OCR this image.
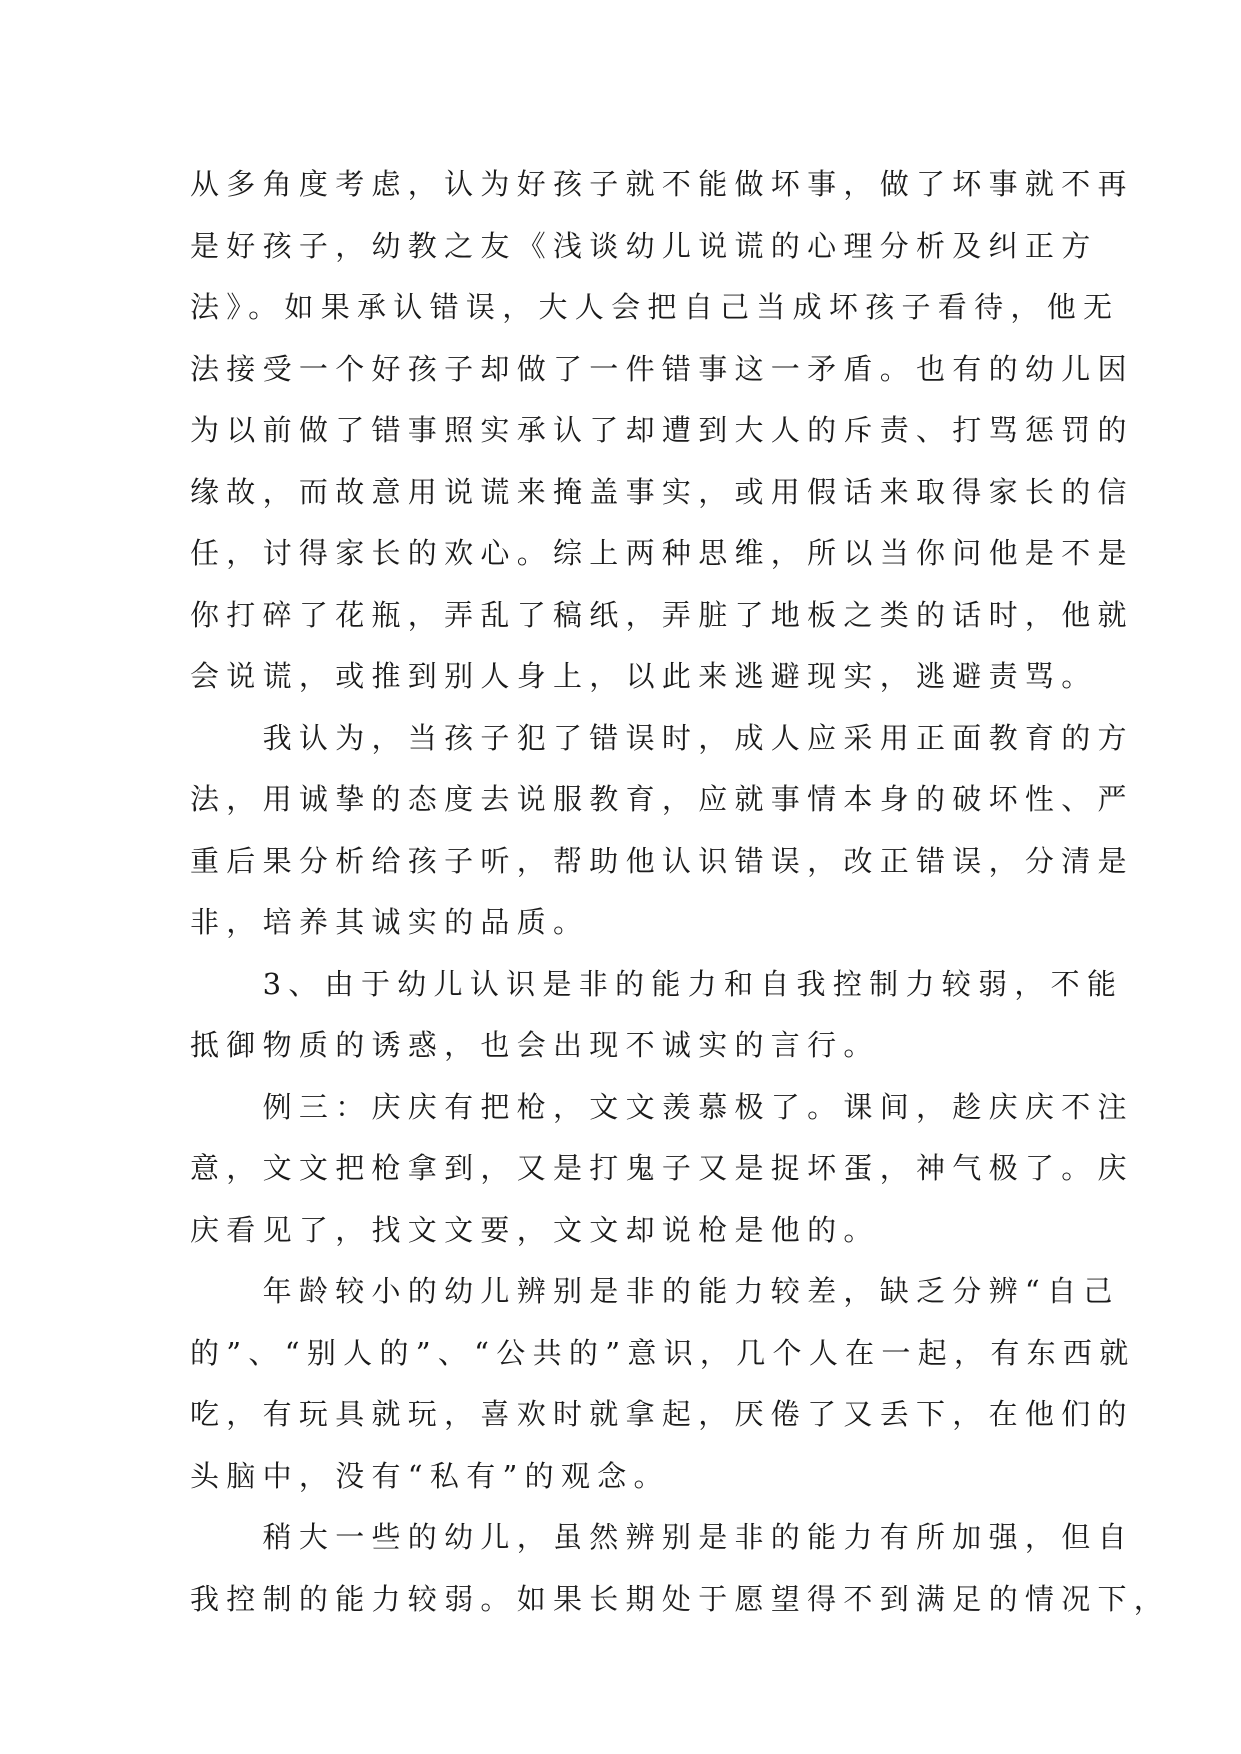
从多角度考虑，认为好孩子就不能做坏事，做了坏事就不再
是好孩子，幼教之友《浅谈幼儿说谎的心理分析及纠正方
法》。如果承认错误，大人会把自己当成坏孩子看待，他无
法接受一个好孩子却做了一件错事这一矛盾。也有的幼儿因
为以前做了错事照实承认了却遭到大人的斥责、打骂惩罚的
缘故，而故意用说谎来掩盖事实，或用假话来取得家长的信
任，讨得家长的欢心。综上两种思维，所以当你问他是不是
你打碎了花瓶，弄乱了稿纸，弄脏了地板之类的话时，他就
会说谎，或推到别人身上，以此来逃避现实，逃避责骂。
　　我认为，当孩子犯了错误时，成人应采用正面教育的方
法，用诚挚的态度去说服教育，应就事情本身的破坏性、严
重后果分析给孩子听，帮助他认识错误，改正错误，分清是
非，培养其诚实的品质。
　　3、由于幼儿认识是非的能力和自我控制力较弱，不能
抵御物质的诱惑，也会出现不诚实的言行。
　　例三：庆庆有把枪，文文羡慕极了。课间，趁庆庆不注
意，文文把枪拿到，又是打鬼子又是捉坏蛋，神气极了。庆
庆看见了，找文文要，文文却说枪是他的。
　　年龄较小的幼儿辨别是非的能力较差，缺乏分辨“自己
的”、“别人的”、“公共的”意识，几个人在一起，有东西就
吃，有玩具就玩，喜欢时就拿起，厌倦了又丢下，在他们的
头脑中，没有“私有”的观念。
　　稍大一些的幼儿，虽然辨别是非的能力有所加强，但自
我控制的能力较弱。如果长期处于愿望得不到满足的情况下，
